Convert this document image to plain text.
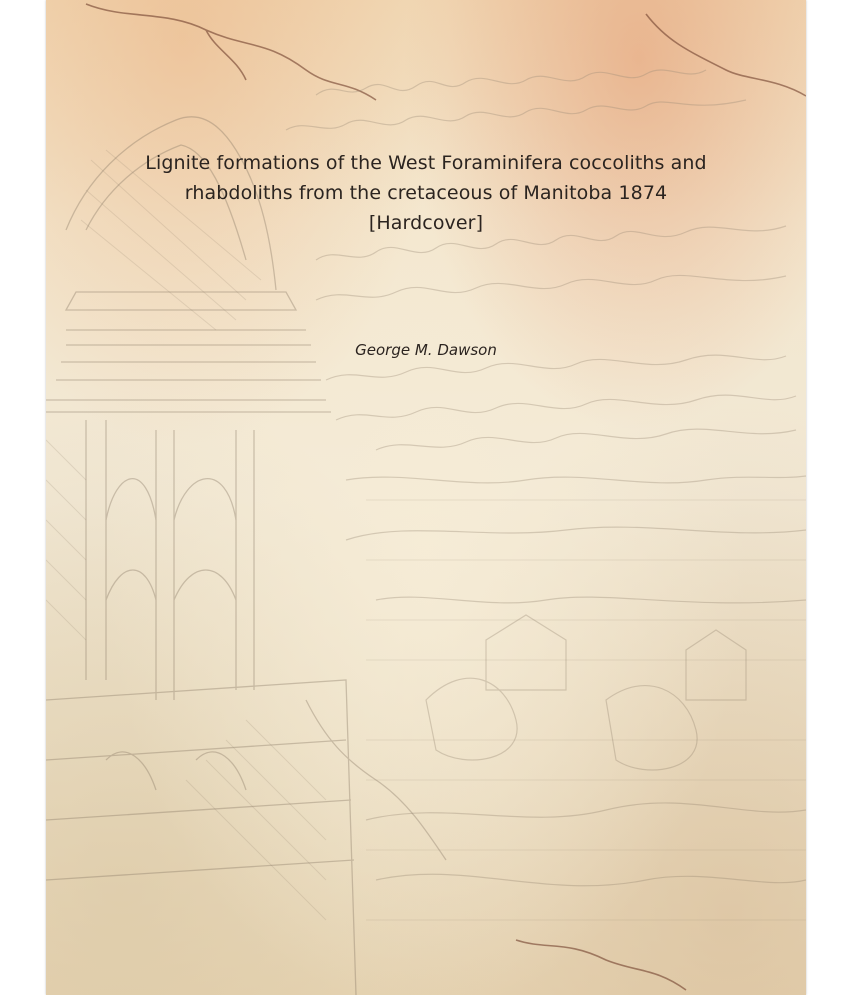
Lignite formations of the West Foraminifera coccoliths and rhabdoliths from the cretaceous of Manitoba 1874 [Hardcover]
George M. Dawson
